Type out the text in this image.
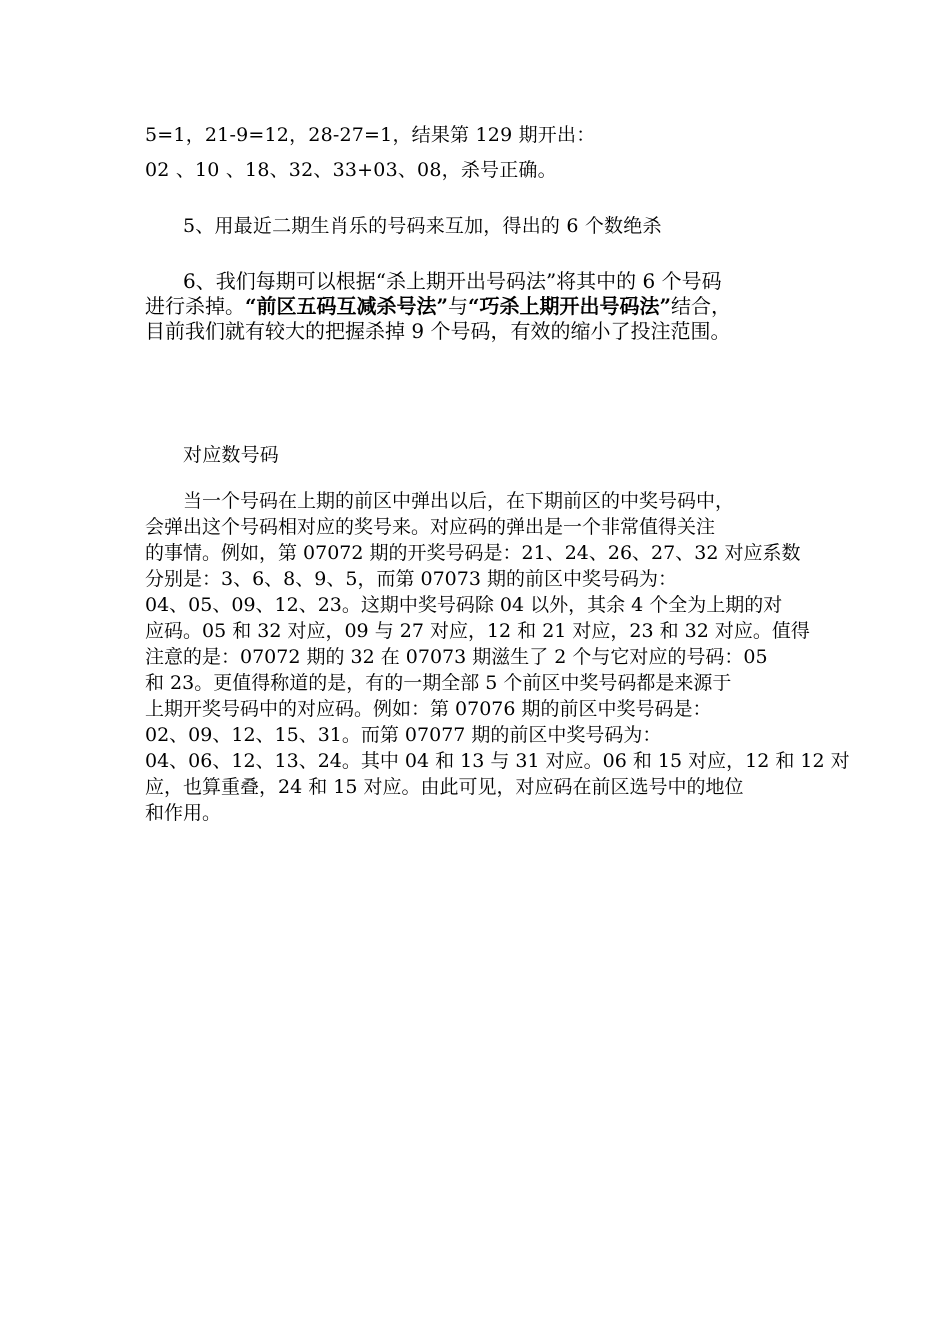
5=1，21-9=12，28-27=1，结果第 129 期开出：
02 、10 、18、32、33+03、08，杀号正确。
5、用最近二期生肖乐的号码来互加，得出的 6 个数绝杀
6、我们每期可以根据“杀上期开出号码法”将其中的 6 个号码
进行杀掉。“前区五码互减杀号法”与“巧杀上期开出号码法”结合，
目前我们就有较大的把握杀掉 9 个号码，有效的缩小了投注范围。
对应数号码
当一个号码在上期的前区中弹出以后，在下期前区的中奖号码中，
会弹出这个号码相对应的奖号来。对应码的弹出是一个非常值得关注
的事情。例如，第 07072 期的开奖号码是：21、24、26、27、32 对应系数
分别是：3、6、8、9、5，而第 07073 期的前区中奖号码为：
04、05、09、12、23。这期中奖号码除 04 以外，其余 4 个全为上期的对
应码。05 和 32 对应，09 与 27 对应，12 和 21 对应，23 和 32 对应。值得
注意的是：07072 期的 32 在 07073 期滋生了 2 个与它对应的号码：05
和 23。更值得称道的是，有的一期全部 5 个前区中奖号码都是来源于
上期开奖号码中的对应码。例如：第 07076 期的前区中奖号码是：
02、09、12、15、31。而第 07077 期的前区中奖号码为：
04、06、12、13、24。其中 04 和 13 与 31 对应。06 和 15 对应，12 和 12 对
应，也算重叠，24 和 15 对应。由此可见，对应码在前区选号中的地位
和作用。
